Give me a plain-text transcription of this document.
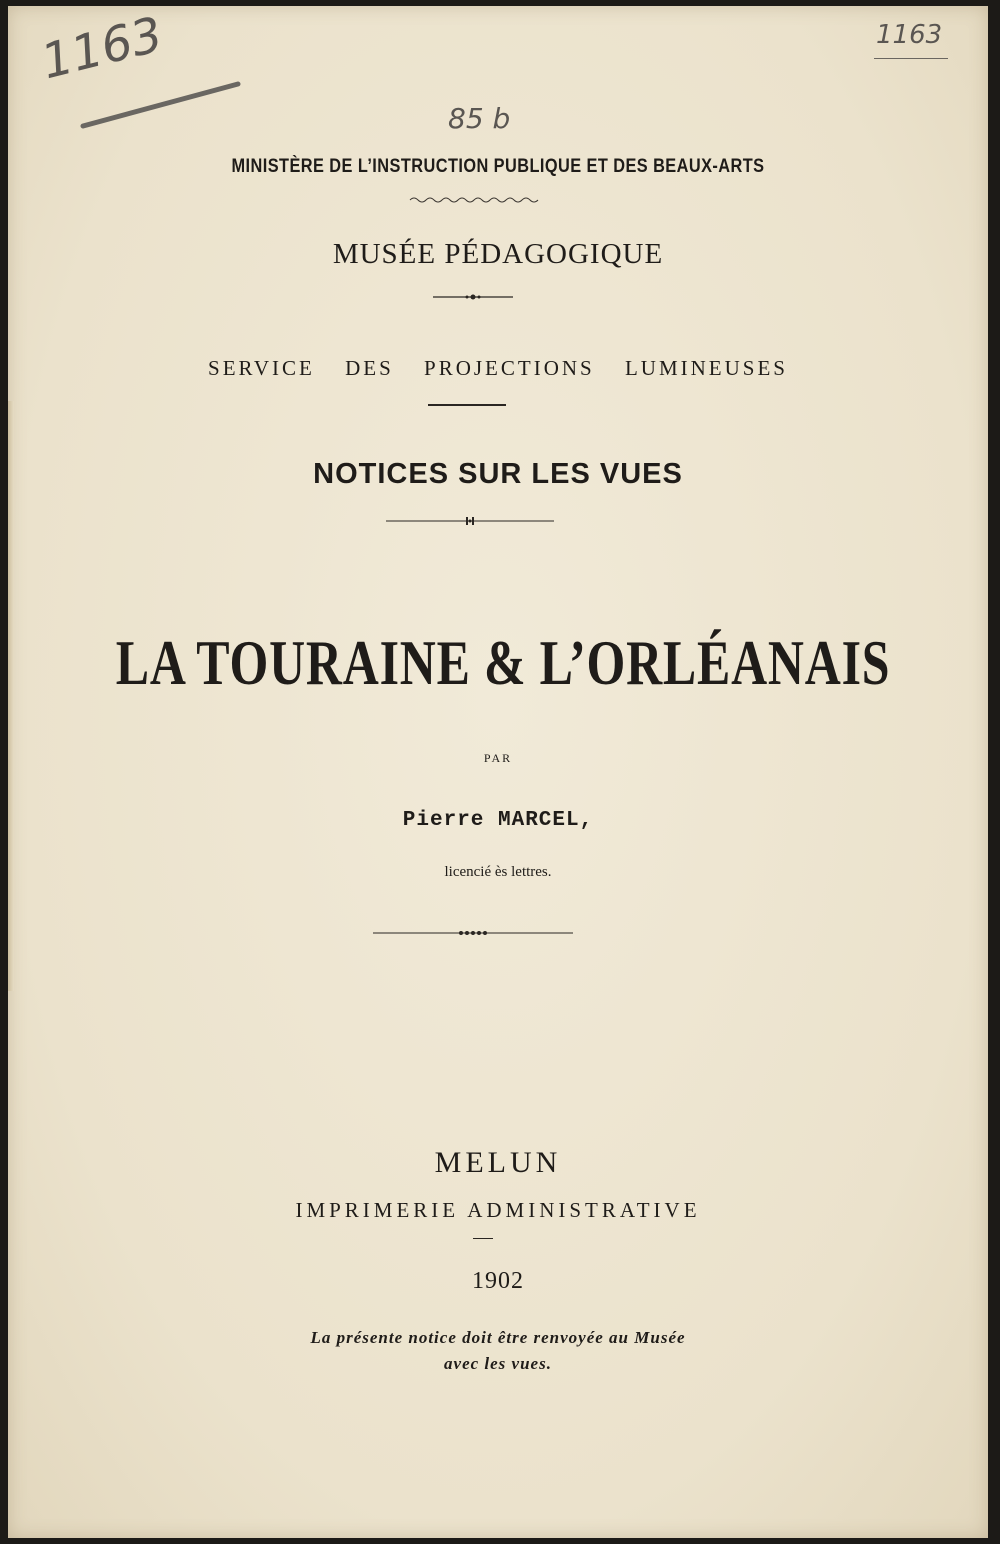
1163	1163
85 b
MINISTÈRE DE L’INSTRUCTION PUBLIQUE ET DES BEAUX-ARTS
MUSÉE PÉDAGOGIQUE
SERVICE DES PROJECTIONS LUMINEUSES
NOTICES SUR LES VUES
LA TOURAINE & L’ORLÉANAIS
PAR
Pierre MARCEL,
licencié ès lettres.
MELUN
IMPRIMERIE ADMINISTRATIVE
1902
La présente notice doit être renvoyée au Musée
avec les vues.
